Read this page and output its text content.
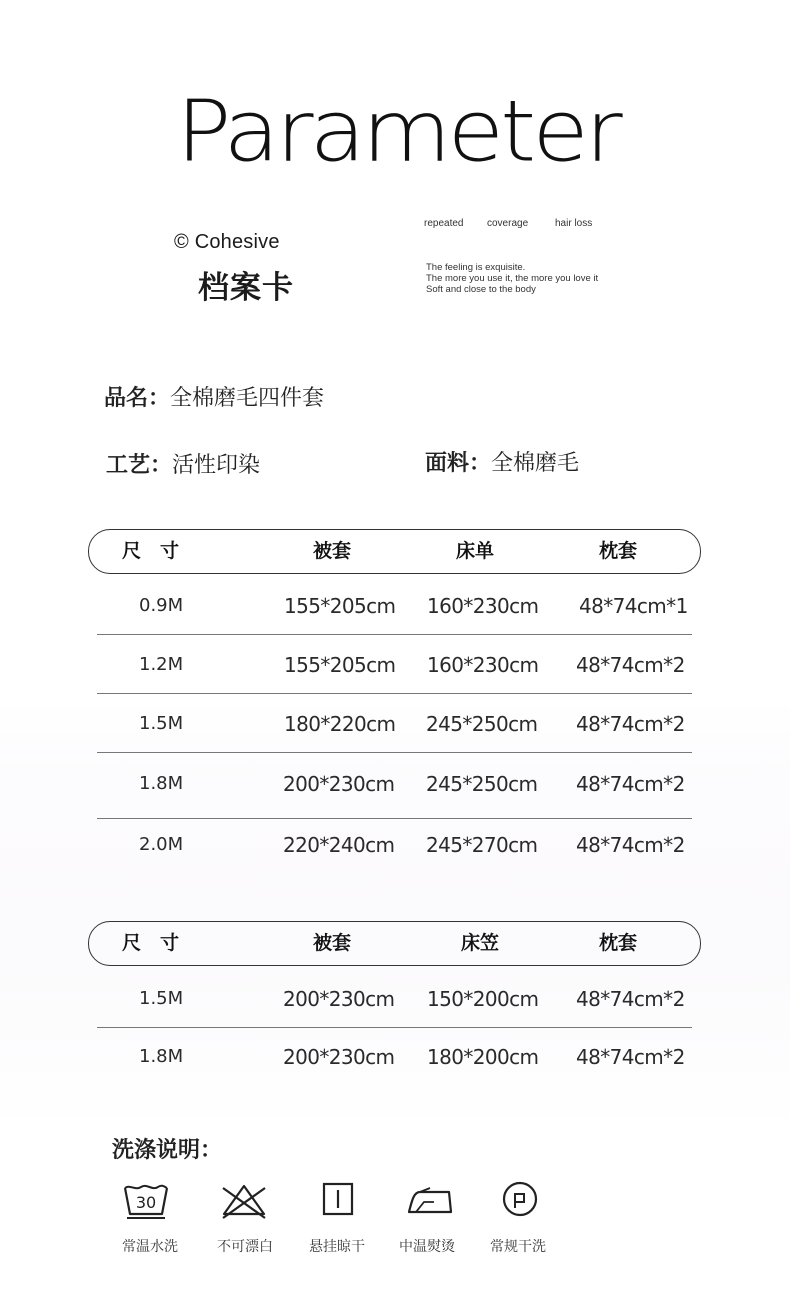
Parameter
© Cohesive
档案卡
repeated coverage	hair loss
The feeling is exquisite.
The more you use it, the more you love it
Soft and close to the body
品名：全棉磨毛四件套
工艺：活性印染	面料：全棉磨毛
尺　寸	被套	床单	枕套
0.9M	155*205cm 160*230cm 48*74cm*1
1.2M	155*205cm 160*230cm 48*74cm*2
1.5M	180*220cm 245*250cm 48*74cm*2
1.8M	200*230cm 245*250cm 48*74cm*2
2.0M	220*240cm 245*270cm 48*74cm*2
尺　寸	被套	床笠	枕套
1.5M	200*230cm 150*200cm 48*74cm*2
1.8M	200*230cm 180*200cm 48*74cm*2
洗涤说明：
30
常温水洗	不可漂白	悬挂晾干	中温熨烫	常规干洗
